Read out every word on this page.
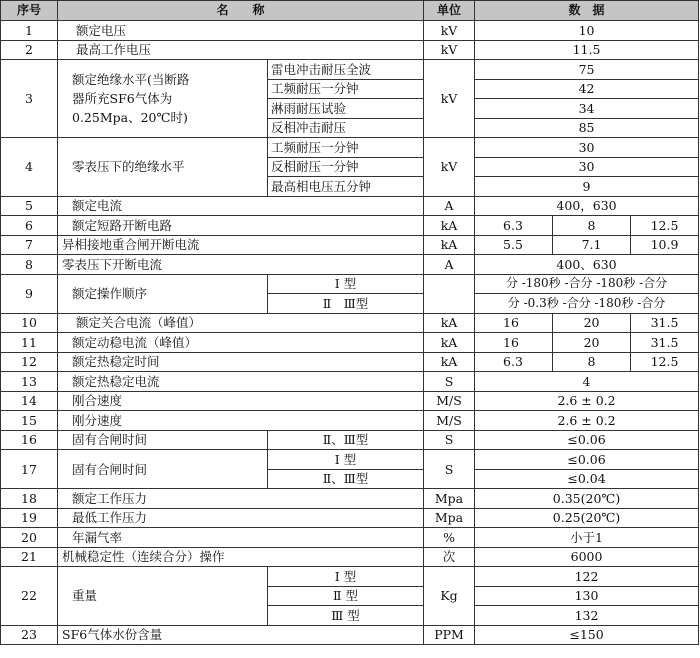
序号	名　　称		单位	数　据		
1	额定电压		kV	10		
2	最高工作电压		kV	11.5		
3	额定绝缘水平(当断路
器所充SF6气体为
0.25Mpa、20℃时)	雷电冲击耐压全波	kV	75		
		工频耐压一分钟		42		
		淋雨耐压试验		34		
		反相冲击耐压		85		
4	零表压下的绝缘水平	工频耐压一分钟	kV	30		
		反相耐压一分钟		30		
		最高相电压五分钟		9		
5	额定电流		A	400，630		
6	额定短路开断电路		kA	6.3	8	12.5
7	异相接地重合闸开断电流		kA	5.5	7.1	10.9
8	零表压下开断电流		A	400、630		
9	额定操作顺序	Ⅰ 型		分 -180秒 -合分 -180秒 -合分		
		Ⅱ　Ⅲ型		分 -0.3秒 -合分 -180秒 -合分		
10	额定关合电流（峰值）		kA	16	20	31.5
11	额定动稳电流（峰值）		kA	16	20	31.5
12	额定热稳定时间		kA	6.3	8	12.5
13	额定热稳定电流		S	4		
14	刚合速度		M/S	2.6 ± 0.2		
15	刚分速度		M/S	2.6 ± 0.2		
16	固有合闸时间	Ⅱ、Ⅲ型	S	≤0.06		
17	固有合闸时间	Ⅰ 型	S	≤0.06		
		Ⅱ、Ⅲ型		≤0.04		
18	额定工作压力		Mpa	0.35(20℃)		
19	最低工作压力		Mpa	0.25(20℃)		
20	年漏气率		%	小于1		
21	机械稳定性（连续合分）操作		次	6000		
22	重量	Ⅰ 型	Kg	122		
		Ⅱ 型		130		
		Ⅲ 型		132		
23	SF6气体水份含量		PPM	≤150		
